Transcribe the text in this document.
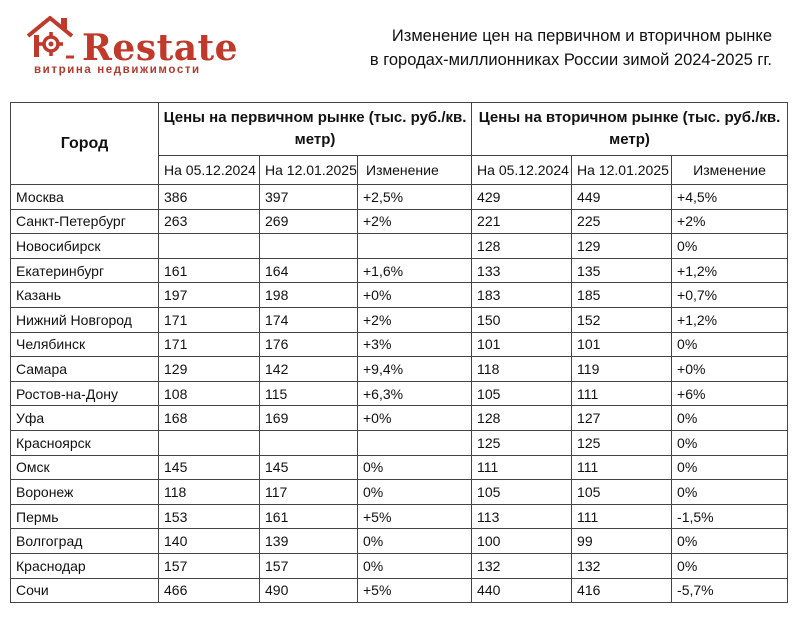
Restate
витрина недвижимости
Изменение цен на первичном и вторичном рынке
в городах-миллионниках России зимой 2024-2025 гг.
Город	Цены на первичном рынке (тыс. руб./кв. метр)			Цены на вторичном рынке (тыс. руб./кв. метр)		
	На 05.12.2024	На 12.01.2025	Изменение	На 05.12.2024	На 12.01.2025	Изменение
Москва	386	397	+2,5%	429	449	+4,5%
Санкт-Петербург	263	269	+2%	221	225	+2%
Новосибирск				128	129	0%
Екатеринбург	161	164	+1,6%	133	135	+1,2%
Казань	197	198	+0%	183	185	+0,7%
Нижний Новгород	171	174	+2%	150	152	+1,2%
Челябинск	171	176	+3%	101	101	0%
Самара	129	142	+9,4%	118	119	+0%
Ростов-на-Дону	108	115	+6,3%	105	111	+6%
Уфа	168	169	+0%	128	127	0%
Красноярск				125	125	0%
Омск	145	145	0%	111	111	0%
Воронеж	118	117	0%	105	105	0%
Пермь	153	161	+5%	113	111	-1,5%
Волгоград	140	139	0%	100	99	0%
Краснодар	157	157	0%	132	132	0%
Сочи	466	490	+5%	440	416	-5,7%
